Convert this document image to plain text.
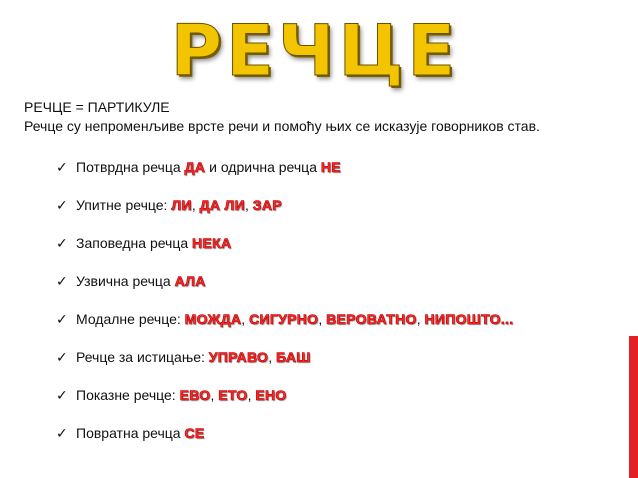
РЕЧЦЕ
РЕЧЦЕ = ПАРТИКУЛЕ
Речце су непроменљиве врсте речи и помоћу њих се исказује говорников став.
✓ Потврдна речца ДА и одрична речца НЕ
✓ Упитне речце: ЛИ , ДА ЛИ , ЗАР
✓ Заповедна речца НЕКА
✓ Узвична речца АЛА
✓ Модалне речце: МОЖДА , СИГУРНО , ВЕРОВАТНО , НИПОШТО...
✓ Речце за истицање: УПРАВО , БАШ
✓ Показне речце: ЕВО , ЕТО , ЕНО
✓ Повратна речца СЕ
